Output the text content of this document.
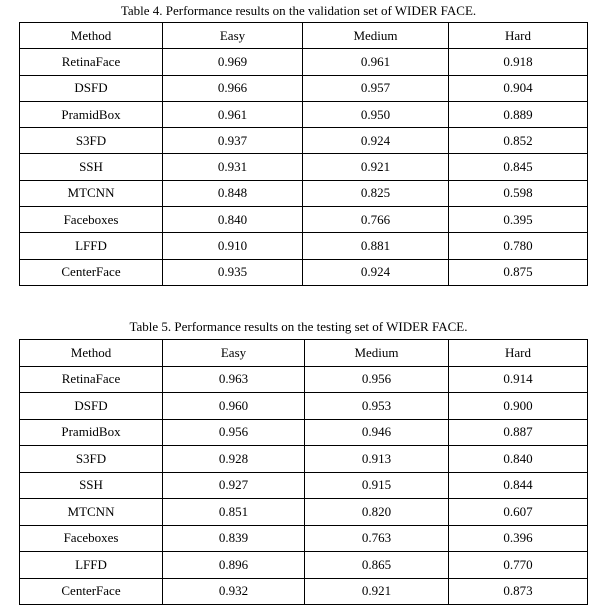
Table 4. Performance results on the validation set of WIDER FACE.
Method	Easy	Medium	Hard
RetinaFace	0.969	0.961	0.918
DSFD	0.966	0.957	0.904
PramidBox	0.961	0.950	0.889
S3FD	0.937	0.924	0.852
SSH	0.931	0.921	0.845
MTCNN	0.848	0.825	0.598
Faceboxes	0.840	0.766	0.395
LFFD	0.910	0.881	0.780
CenterFace	0.935	0.924	0.875
Table 5. Performance results on the testing set of WIDER FACE.
Method	Easy	Medium	Hard
RetinaFace	0.963	0.956	0.914
DSFD	0.960	0.953	0.900
PramidBox	0.956	0.946	0.887
S3FD	0.928	0.913	0.840
SSH	0.927	0.915	0.844
MTCNN	0.851	0.820	0.607
Faceboxes	0.839	0.763	0.396
LFFD	0.896	0.865	0.770
CenterFace	0.932	0.921	0.873
